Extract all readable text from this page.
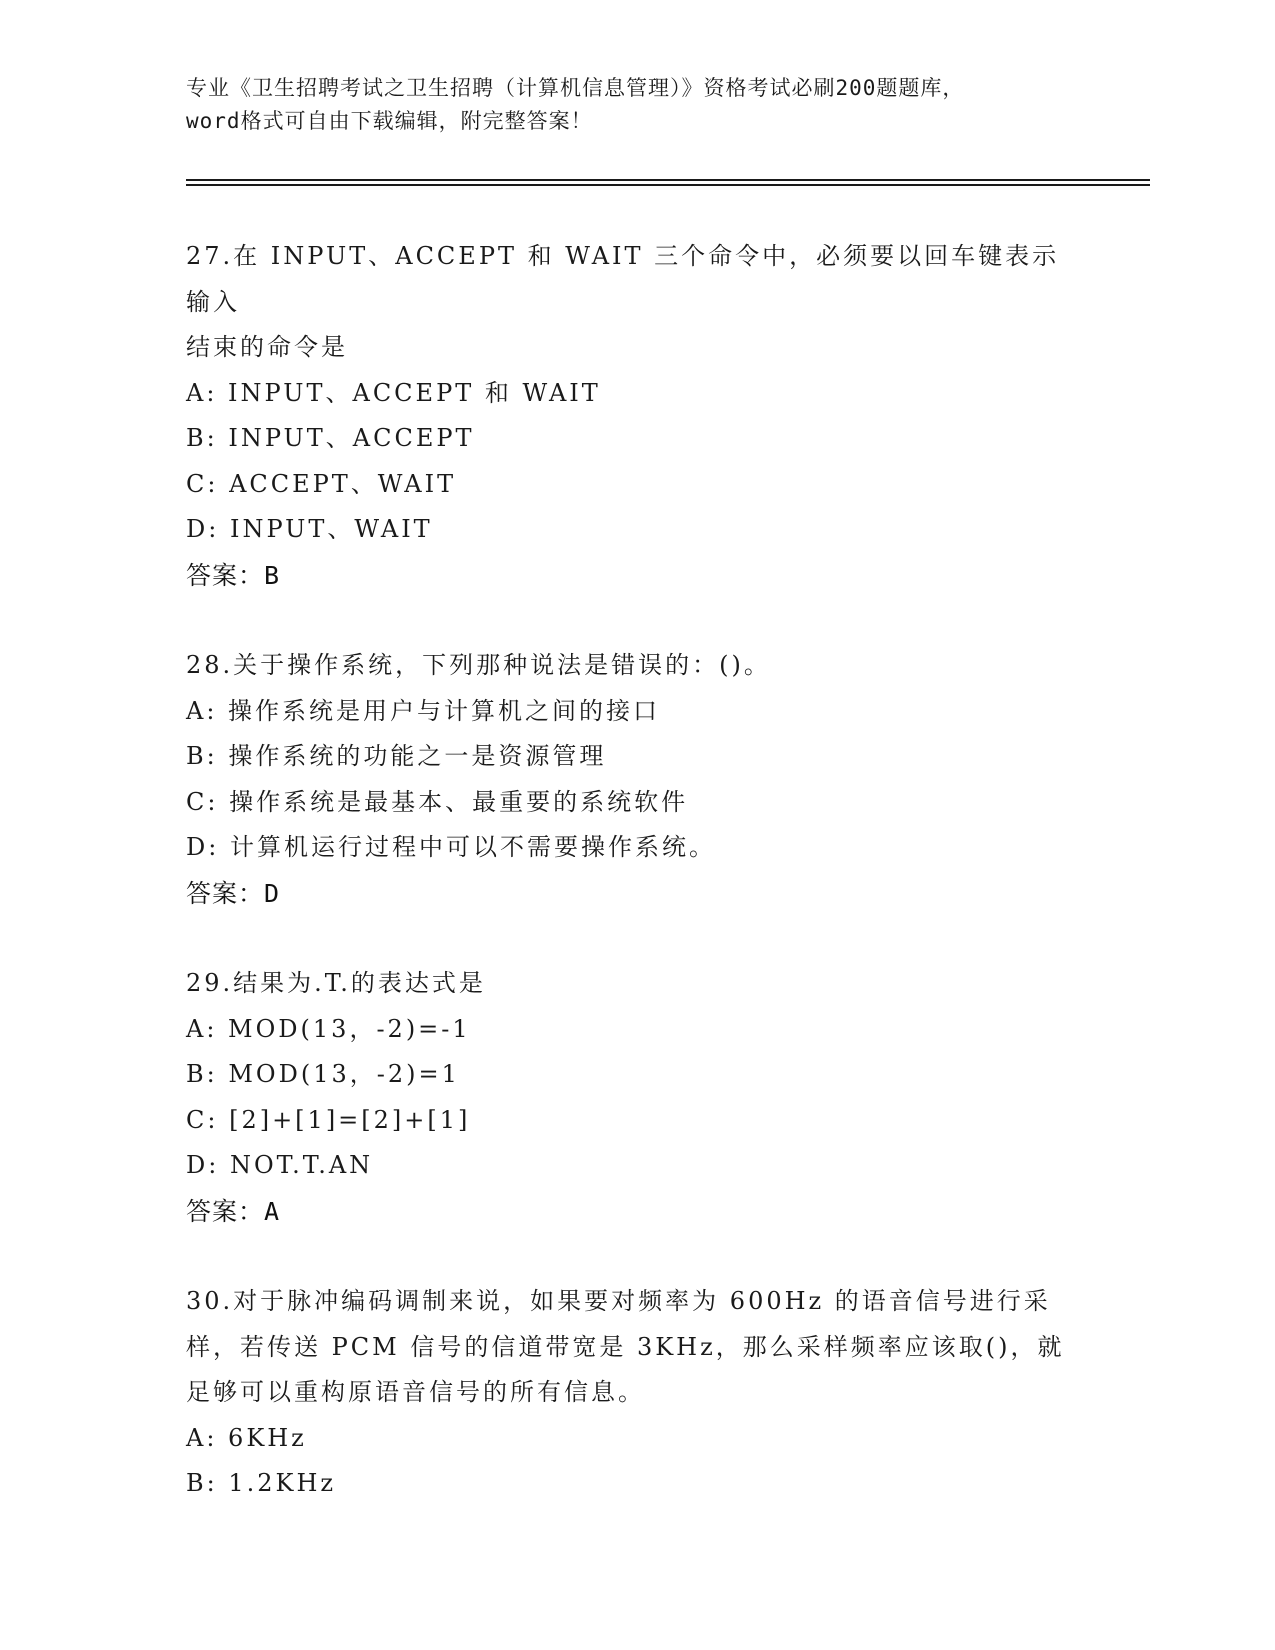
专业《卫生招聘考试之卫生招聘（计算机信息管理）》资格考试必刷200题题库，
word格式可自由下载编辑，附完整答案！

27.在 INPUT、ACCEPT 和 WAIT 三个命令中，必须要以回车键表示输入

结束的命令是

A: INPUT、ACCEPT 和 WAIT

B: INPUT、ACCEPT

C: ACCEPT、WAIT

D: INPUT、WAIT

答案：B

28.关于操作系统，下列那种说法是错误的：()。

A: 操作系统是用户与计算机之间的接口

B: 操作系统的功能之一是资源管理

C: 操作系统是最基本、最重要的系统软件

D: 计算机运行过程中可以不需要操作系统。

答案：D

29.结果为.T.的表达式是

A: MOD(13，-2)=-1

B: MOD(13，-2)=1

C: [2]+[1]=[2]+[1]

D: NOT.T.AN

答案：A

30.对于脉冲编码调制来说，如果要对频率为 600Hz 的语音信号进行采

样，若传送 PCM 信号的信道带宽是 3KHz，那么采样频率应该取()，就

足够可以重构原语音信号的所有信息。

A: 6KHz

B: 1.2KHz
